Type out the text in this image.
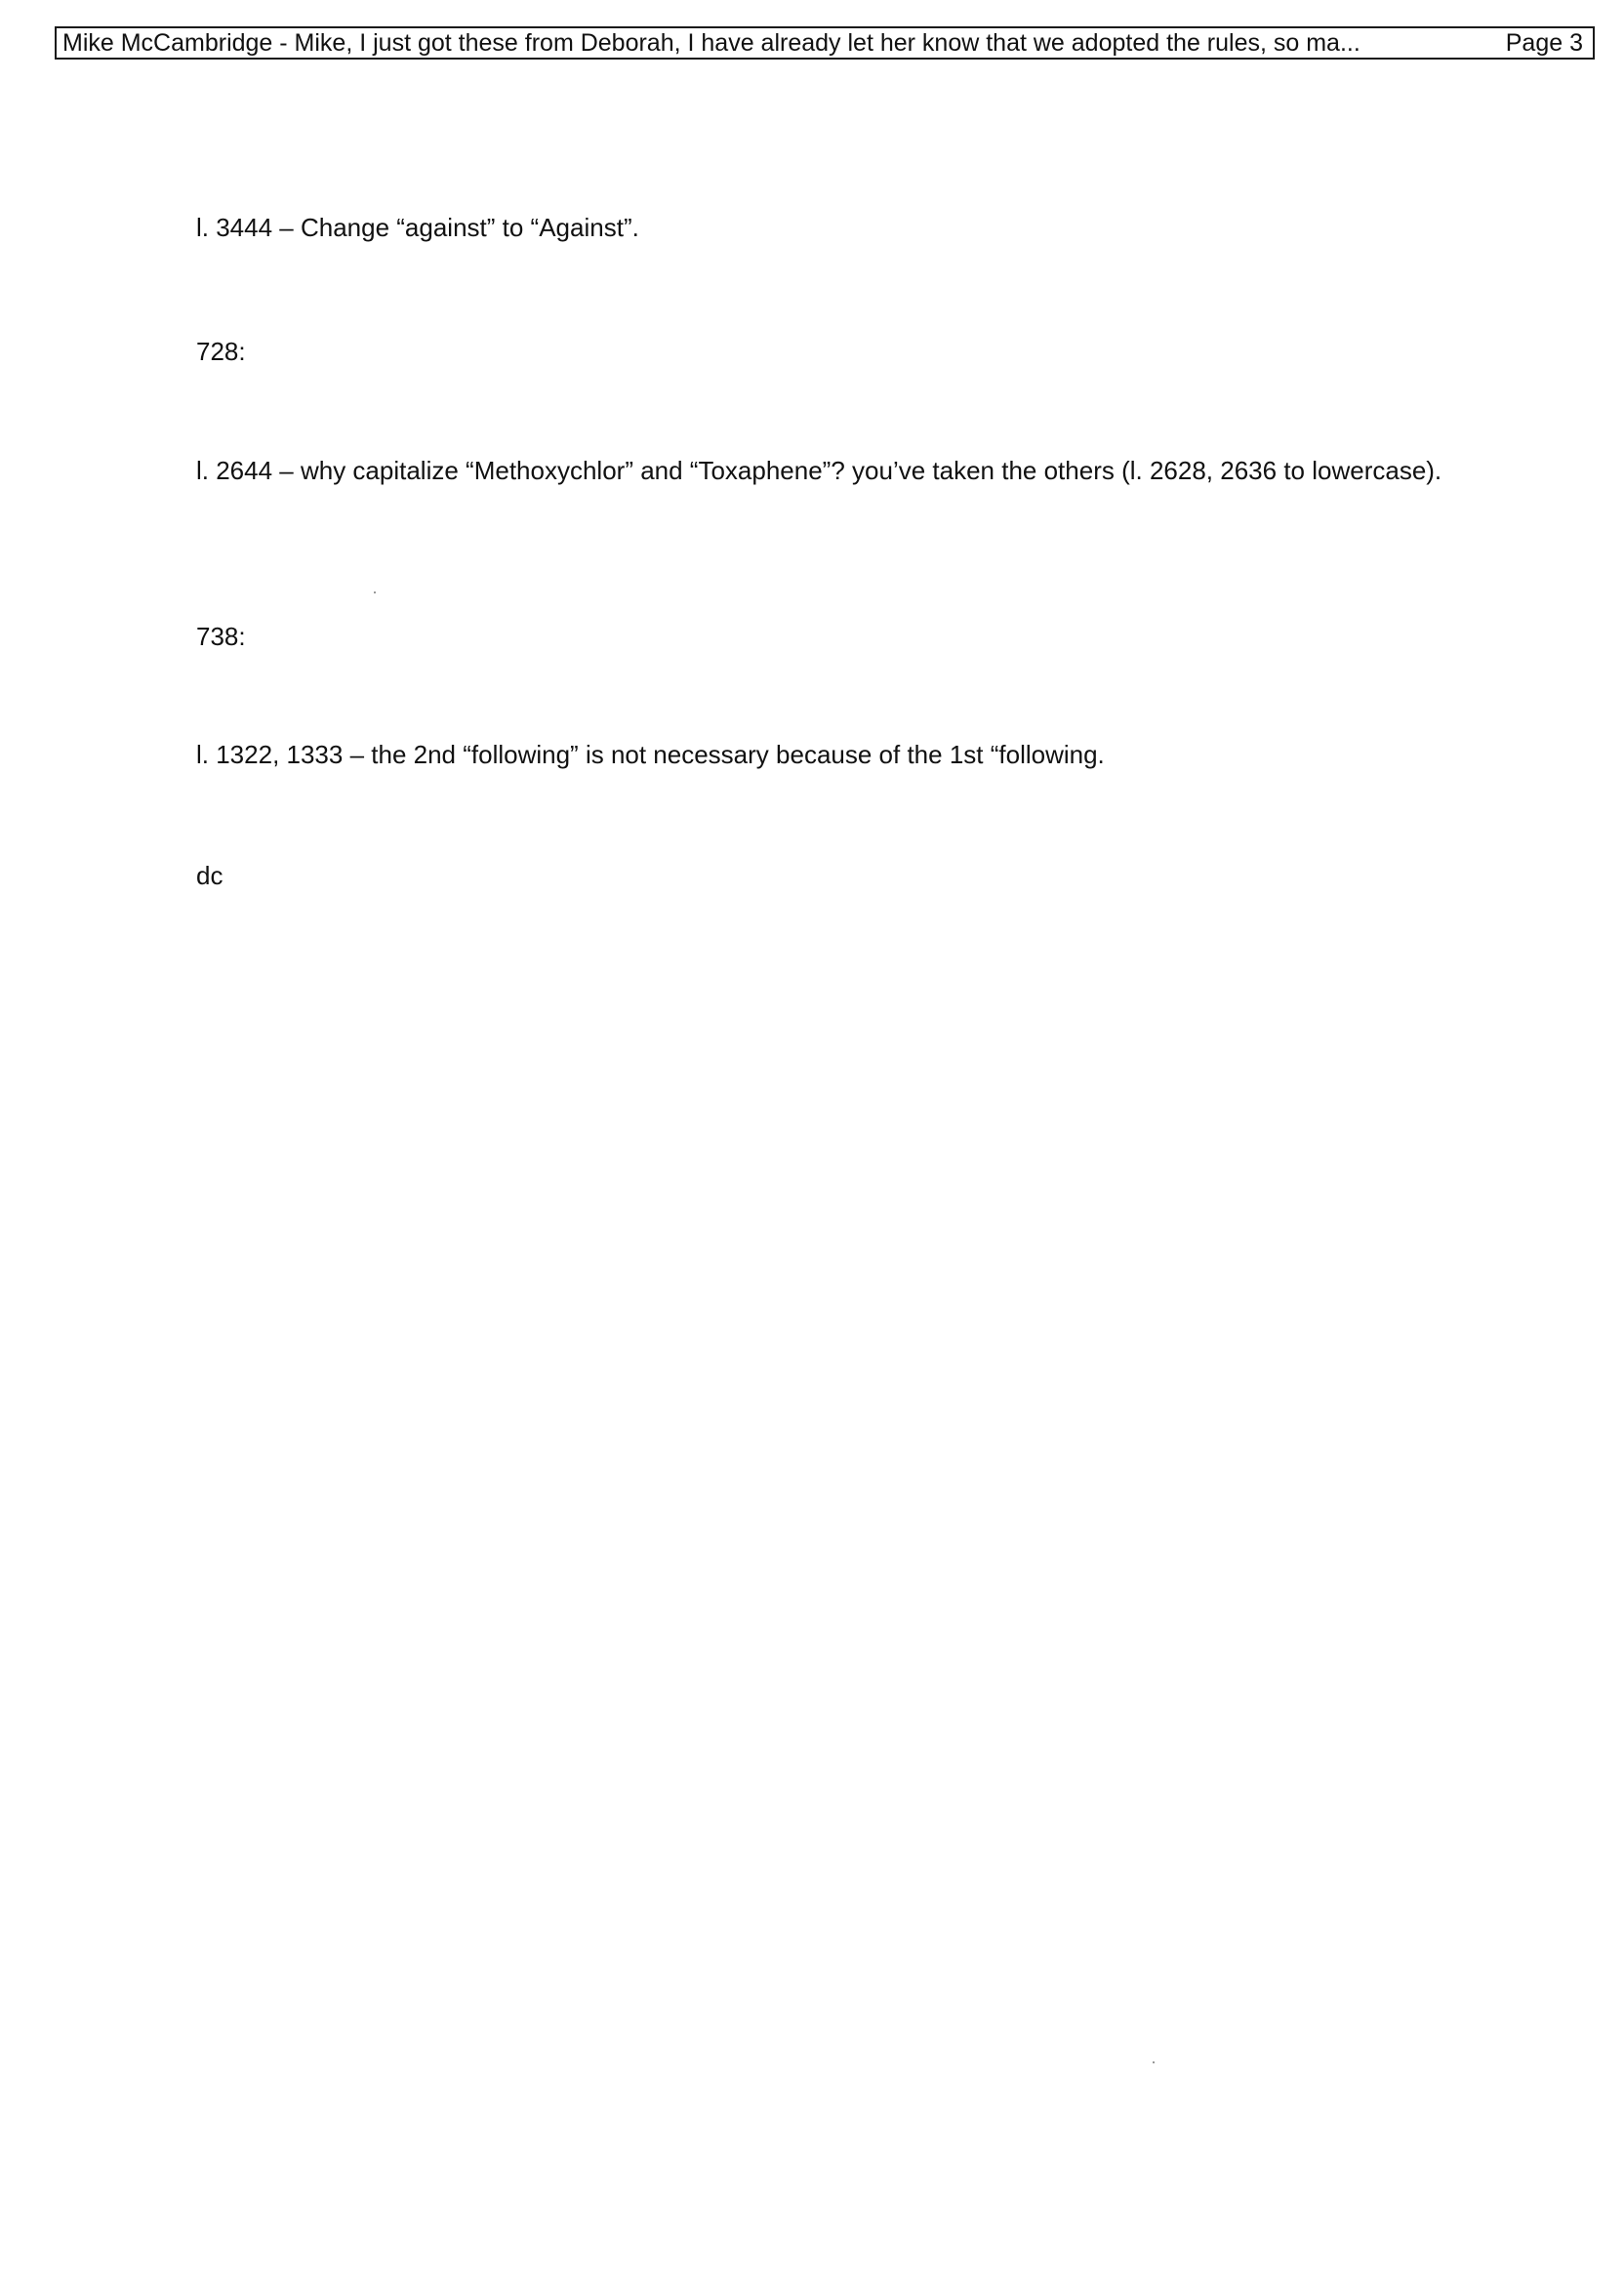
Mike McCambridge - Mike, I just got these from Deborah, I have already let her know that we adopted the rules, so ma...	Page 3
l. 3444 – Change “against” to “Against”.
728:
l. 2644 – why capitalize “Methoxychlor” and “Toxaphene”? you’ve taken the others (l. 2628, 2636 to lowercase).
738:
l. 1322, 1333 – the 2nd “following” is not necessary because of the 1st “following.
dc
